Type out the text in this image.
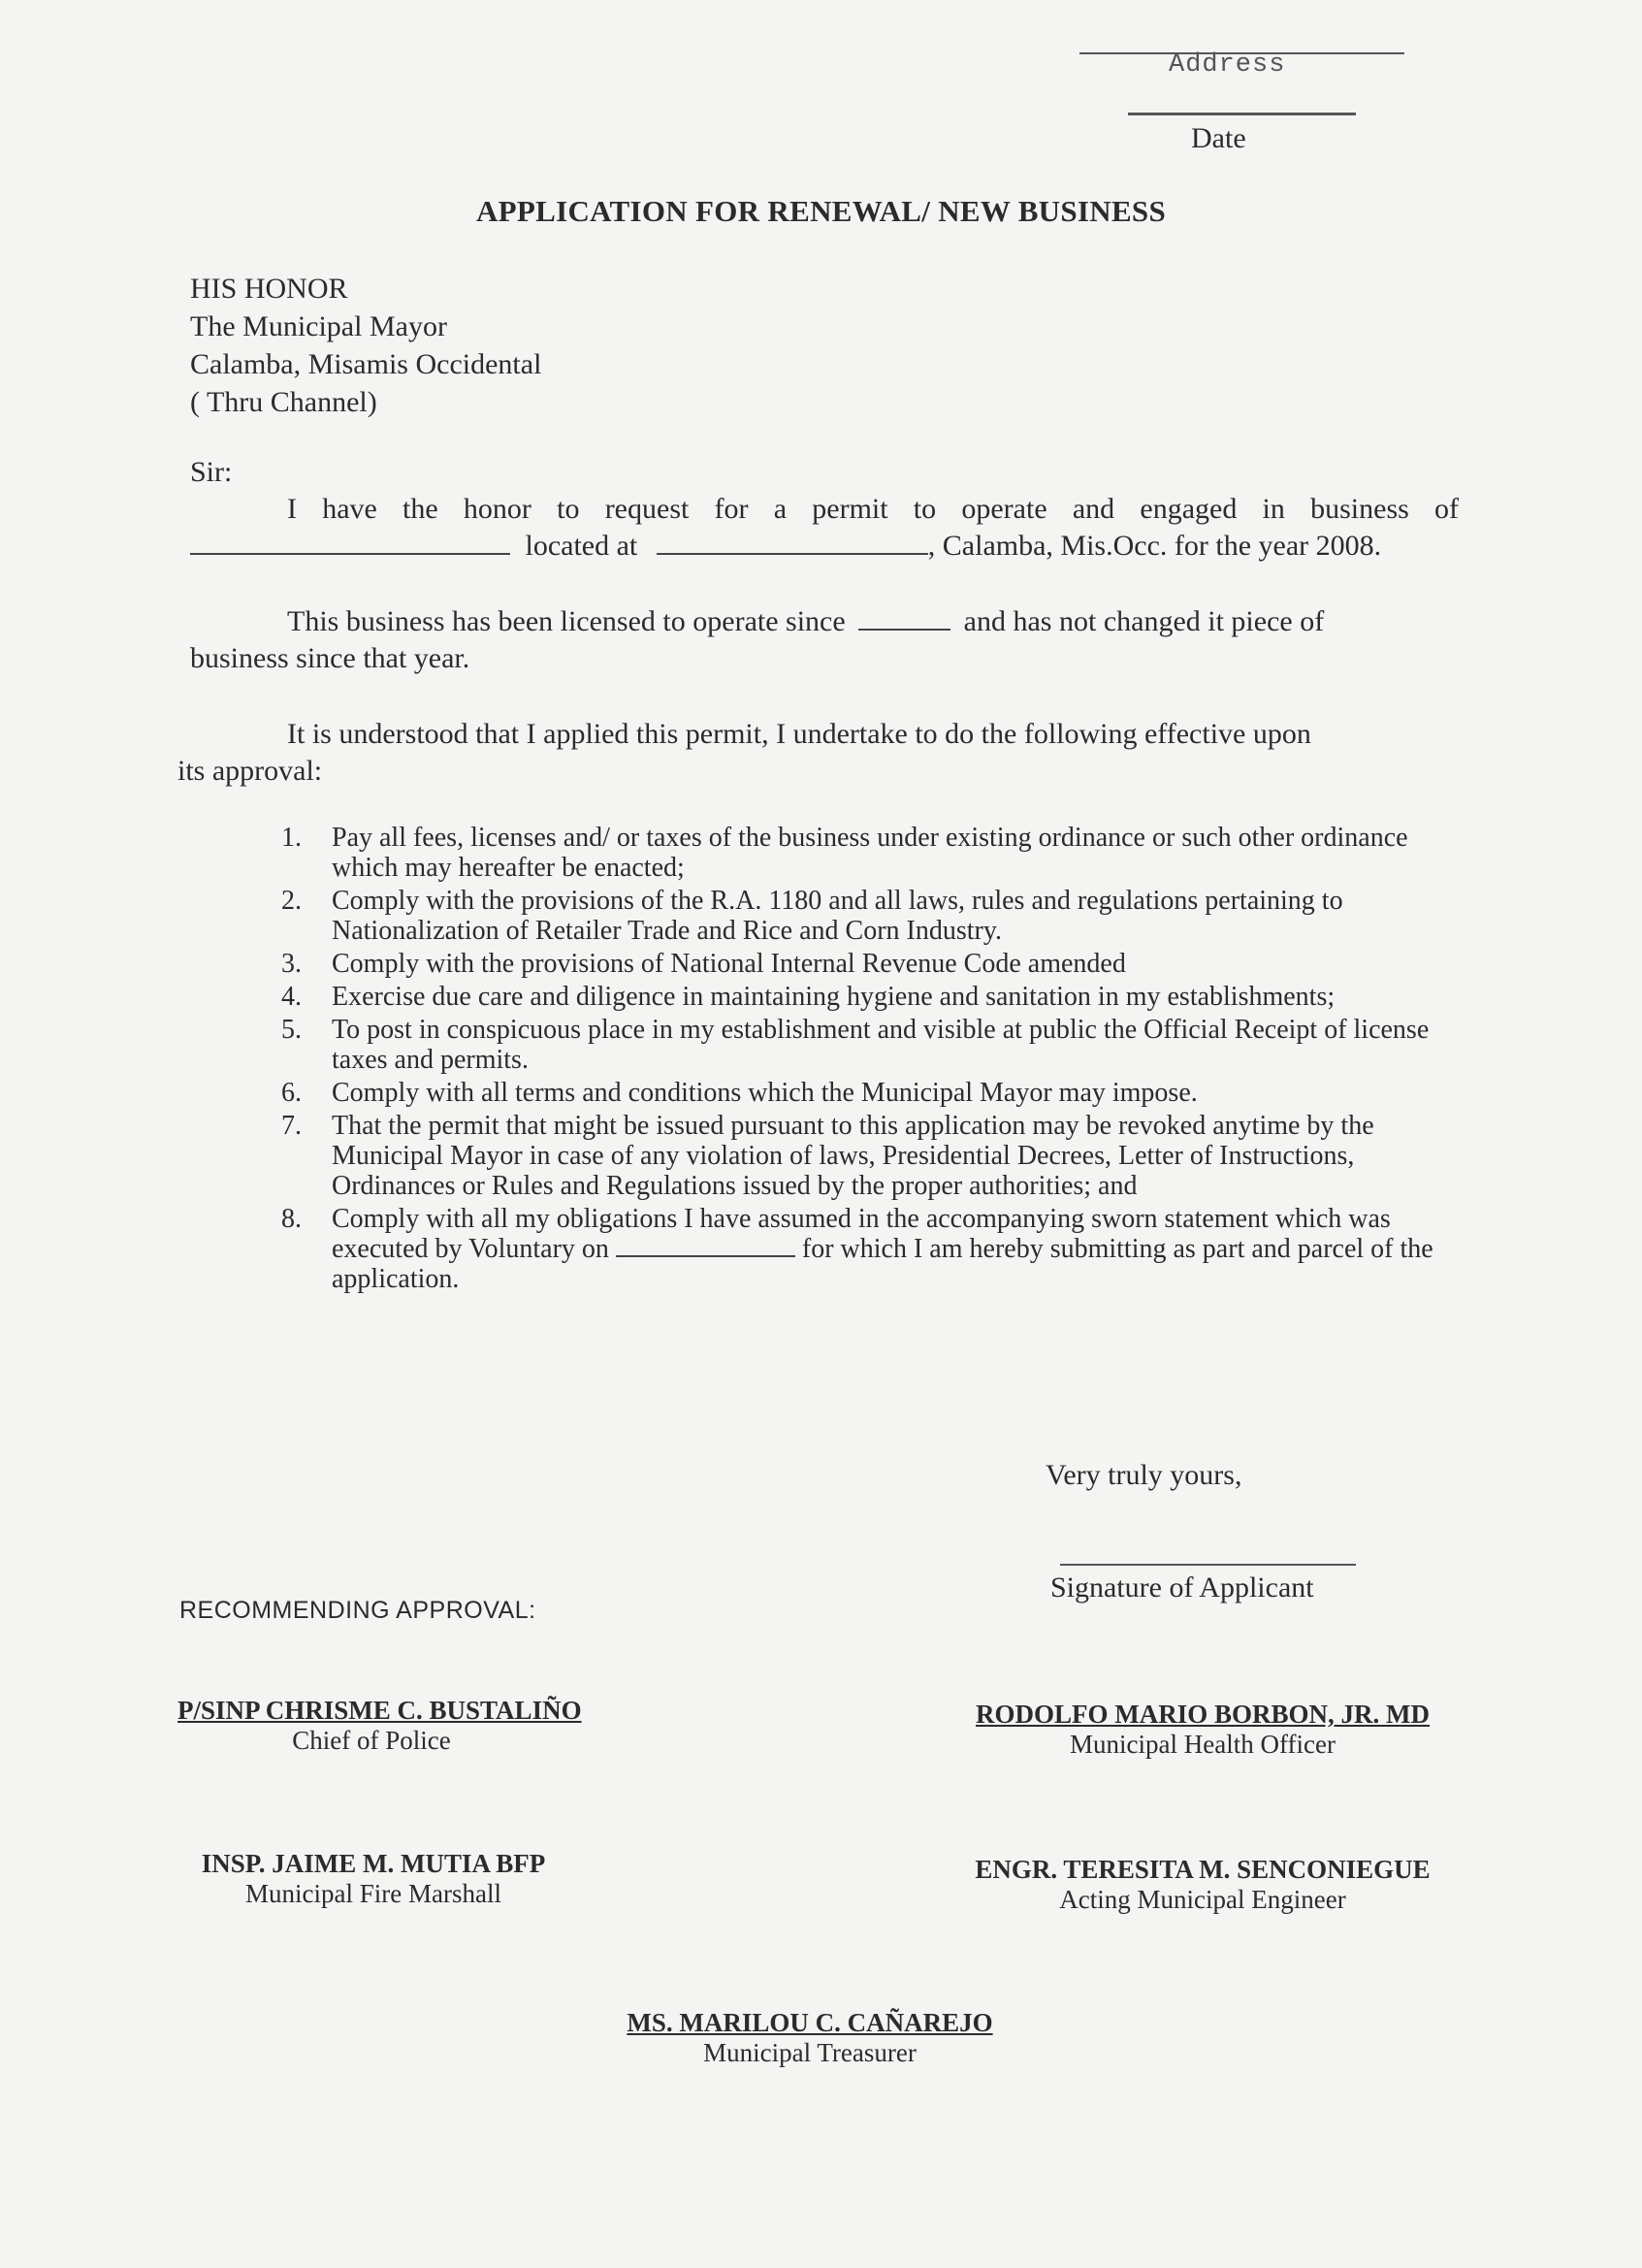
Address
Date
APPLICATION FOR RENEWAL/ NEW BUSINESS
HIS HONOR
The Municipal Mayor
Calamba, Misamis Occidental
( Thru Channel)
Sir:
I have the honor to request for a permit to operate and engaged in business of
located at	, Calamba, Mis.Occ. for the year 2008.
This business has been licensed to operate since	and has not changed it piece of
business since that year.
It is understood that I applied this permit, I undertake to do the following effective upon
its approval:
1. Pay all fees, licenses and/ or taxes of the business under existing ordinance or such other ordinance which may hereafter be enacted;
2. Comply with the provisions of the R.A. 1180 and all laws, rules and regulations pertaining to Nationalization of Retailer Trade and Rice and Corn Industry.
3. Comply with the provisions of National Internal Revenue Code amended
4. Exercise due care and diligence in maintaining hygiene and sanitation in my establishments;
5. To post in conspicuous place in my establishment and visible at public the Official Receipt of license taxes and permits.
6. Comply with all terms and conditions which the Municipal Mayor may impose.
7. That the permit that might be issued pursuant to this application may be revoked anytime by the Municipal Mayor in case of any violation of laws, Presidential Decrees, Letter of Instructions, Ordinances or Rules and Regulations issued by the proper authorities; and
8. Comply with all my obligations I have assumed in the accompanying sworn statement which was executed by Voluntary on	for which I am hereby submitting as part and parcel of the application.
Very truly yours,
Signature of Applicant
RECOMMENDING APPROVAL:
P/SINP CHRISME C. BUSTALIÑO
Chief of Police
RODOLFO MARIO BORBON, JR. MD
Municipal Health Officer
INSP. JAIME M. MUTIA BFP
Municipal Fire Marshall
ENGR. TERESITA M. SENCONIEGUE
Acting Municipal Engineer
MS. MARILOU C. CAÑAREJO
Municipal Treasurer
